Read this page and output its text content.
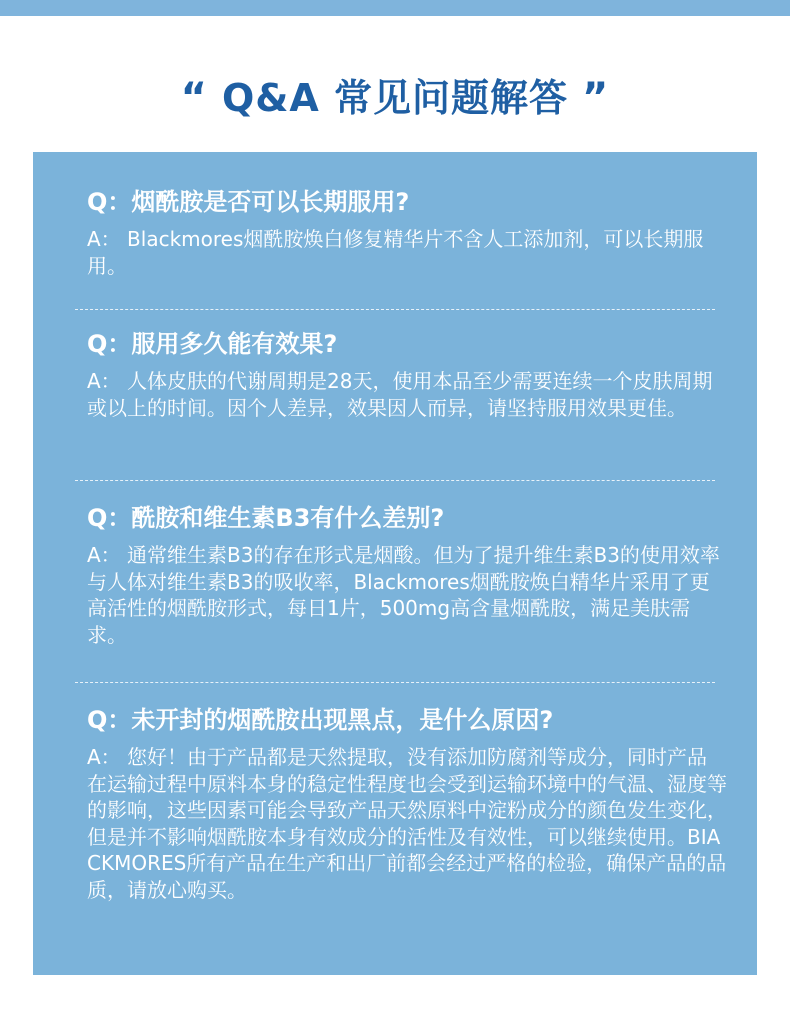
“ Q&A 常见问题解答 ”
Q：烟酰胺是否可以长期服用?
A： Blackmores烟酰胺焕白修复精华片不含人工添加剂，可以长期服用。
Q：服用多久能有效果?
A： 人体皮肤的代谢周期是28天，使用本品至少需要连续一个皮肤周期或以上的时间。因个人差异，效果因人而异，请坚持服用效果更佳。
Q：酰胺和维生素B3有什么差别?
A： 通常维生素B3的存在形式是烟酸。但为了提升维生素B3的使用效率与人体对维生素B3的吸收率，Blackmores烟酰胺焕白精华片采用了更高活性的烟酰胺形式，每日1片，500mg高含量烟酰胺，满足美肤需求。
Q：未开封的烟酰胺出现黑点，是什么原因?
A： 您好！由于产品都是天然提取，没有添加防腐剂等成分，同时产品在运输过程中原料本身的稳定性程度也会受到运输环境中的气温、湿度等的影响，这些因素可能会导致产品天然原料中淀粉成分的颜色发生变化，但是并不影响烟酰胺本身有效成分的活性及有效性，可以继续使用。BIACKMORES所有产品在生产和出厂前都会经过严格的检验，确保产品的品质，请放心购买。
